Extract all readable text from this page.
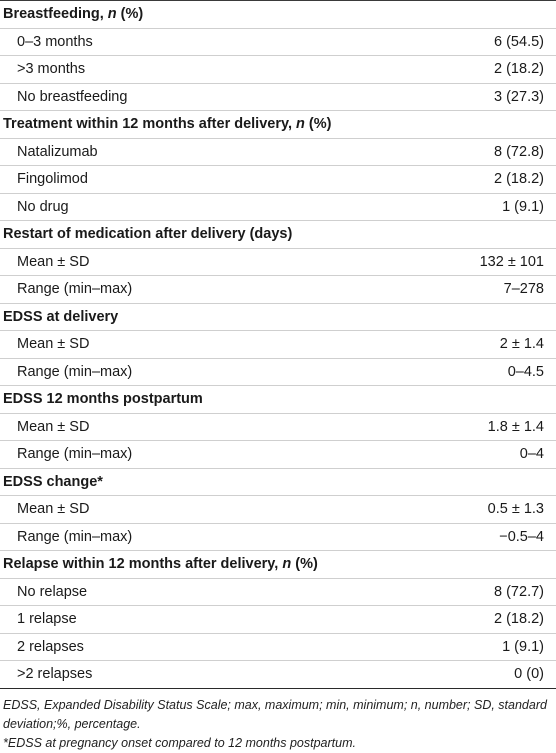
Breastfeeding, n (%)
0–3 months	6 (54.5)
>3 months	2 (18.2)
No breastfeeding	3 (27.3)
Treatment within 12 months after delivery, n (%)
Natalizumab	8 (72.8)
Fingolimod	2 (18.2)
No drug	1 (9.1)
Restart of medication after delivery (days)
Mean ± SD	132 ± 101
Range (min–max)	7–278
EDSS at delivery
Mean ± SD	2 ± 1.4
Range (min–max)	0–4.5
EDSS 12 months postpartum
Mean ± SD	1.8 ± 1.4
Range (min–max)	0–4
EDSS change*
Mean ± SD	0.5 ± 1.3
Range (min–max)	−0.5–4
Relapse within 12 months after delivery, n (%)
No relapse	8 (72.7)
1 relapse	2 (18.2)
2 relapses	1 (9.1)
>2 relapses	0 (0)

EDSS, Expanded Disability Status Scale; max, maximum; min, minimum; n, number; SD, standard deviation;%, percentage.

*EDSS at pregnancy onset compared to 12 months postpartum.
